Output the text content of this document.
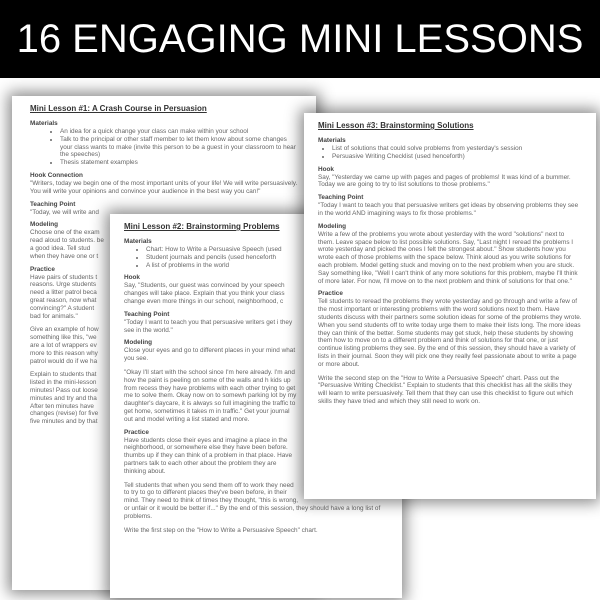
16 ENGAGING MINI LESSONS
Mini Lesson #1: A Crash Course in Persuasion
Materials
• An idea for a quick change your class can make within your school
• Talk to the principal or other staff member to let them know about some changes your class wants to make (invite this person to be a guest in your classroom to hear the speeches)
• Thesis statement examples
Hook Connection

"Writers, today we begin one of the most important units of your life! We will write persuasively. You will write your opinions and convince your audience in the best way you can!"

Teaching Point

"Today, we will write and

Modeling

Choose one of the exam read aloud to students. be a good idea. Tell stud when they have one or t

Practice

Have pairs of students t reasons. Urge students need a litter patrol beca great reason, now what convincing?" A student bad for animals."

Give an example of how something like this, "we are a lot of wrappers ev more to this reason why patrol would do if we ha

Explain to students that listed in the mini-lesson minutes! Pass out loose minutes and try and tha After ten minutes have changes (revise) for five five minutes and by that

Mini Lesson #2: Brainstorming Problems
Materials
• Chart: How to Write a Persuasive Speech (used
• Student journals and pencils (used henceforth
• A list of problems in the world
Hook

Say, "Students, our guest was convinced by your speech changes will take place. Explain that you think your class change even more things in our school, neighborhood, c

Teaching Point

"Today I want to teach you that persuasive writers get i they see in the world."

Modeling

Close your eyes and go to different places in your mind what you see.

"Okay I'll start with the school since I'm here already. I'm and how the paint is peeling on some of the walls and h kids up from recess they have problems with each other trying to get me to solve them. Okay now on to somewh parking lot by my daughter's daycare, it is always so full imagining the traffic to get home, sometimes it takes m in traffic." Get your journal out and model writing a list stated and more.

Practice

Have students close their eyes and imagine a place in the neighborhood, or somewhere else they have been before. thumbs up if they can think of a problem in that place. Have partners talk to each other about the problem they are thinking about.

Tell students that when you send them off to work they need to try to go to different places they've been before, in their mind. They need to think of times they thought, "this is wrong, or unfair or it would be better if..." By the end of this session, they should have a long list of problems.

Write the first step on the "How to Write a Persuasive Speech" chart.

Mini Lesson #3: Brainstorming Solutions
Materials
• List of solutions that could solve problems from yesterday's session
• Persuasive Writing Checklist (used henceforth)
Hook

Say, "Yesterday we came up with pages and pages of problems! It was kind of a bummer. Today we are going to try to list solutions to those problems."

Teaching Point

"Today I want to teach you that persuasive writers get ideas by observing problems they see in the world AND imagining ways to fix those problems."

Modeling

Write a few of the problems you wrote about yesterday with the word "solutions" next to them. Leave space below to list possible solutions. Say, "Last night I reread the problems I wrote yesterday and picked the ones I felt the strongest about." Show students how you wrote each of those problems with the space below. Think aloud as you write solutions for each problem. Model getting stuck and moving on to the next problem when you are stuck. Say something like, "Well I can't think of any more solutions for this problem, maybe I'll think of more later. For now, I'll move on to the next problem and think of solutions for that one."

Practice

Tell students to reread the problems they wrote yesterday and go through and write a few of the most important or interesting problems with the word solutions next to them. Have students discuss with their partners some solution ideas for some of the problems they wrote. When you send students off to write today urge them to make their lists long. The more ideas they can think of the better. Some students may get stuck, help these students by showing them how to move on to a different problem and think of solutions for that one, or just continue listing problems they see. By the end of this session, they should have a variety of lists in their journal. Soon they will pick one they really feel passionate about to write a page or more about.

Write the second step on the "How to Write a Persuasive Speech" chart. Pass out the "Persuasive Writing Checklist." Explain to students that this checklist has all the skills they will learn to write persuasively. Tell them that they can use this checklist to figure out which skills they have tried and which they still need to work on.
